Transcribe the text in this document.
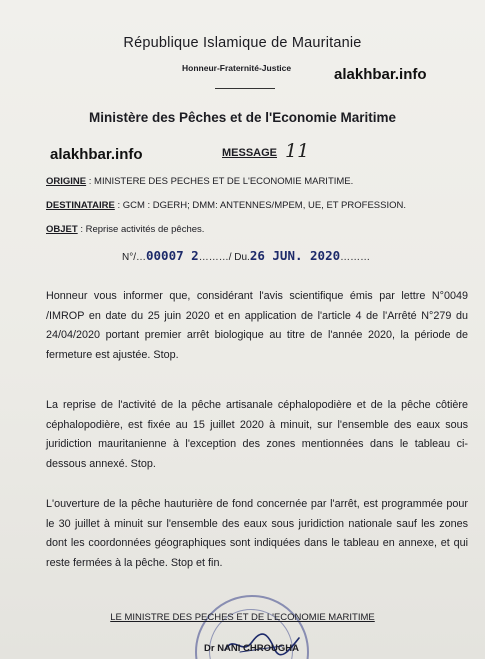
République Islamique de Mauritanie
Honneur-Fraternité-Justice	alakhbar.info
Ministère des Pêches et de l'Economie Maritime
alakhbar.info	MESSAGE 11
ORIGINE : MINISTERE DES PECHES ET DE L'ECONOMIE MARITIME.
DESTINATAIRE : GCM : DGERH; DMM: ANTENNES/MPEM, UE, ET PROFESSION.
OBJET : Reprise activités de pêches.
N°/…00007 2………/ Du.26 JUN. 2020………
Honneur vous informer que, considérant l'avis scientifique émis par lettre N°0049 /IMROP en date du 25 juin 2020 et en application de l'article 4 de l'Arrêté N°279 du 24/04/2020 portant premier arrêt biologique au titre de l'année 2020, la période de fermeture est ajustée. Stop.
La reprise de l'activité de la pêche artisanale céphalopodière et de la pêche côtière céphalopodière, est fixée au 15 juillet 2020 à minuit, sur l'ensemble des eaux sous juridiction mauritanienne à l'exception des zones mentionnées dans le tableau ci-dessous annexé. Stop.
L'ouverture de la pêche hauturière de fond concernée par l'arrêt, est programmée pour le 30 juillet à minuit sur l'ensemble des eaux sous juridiction nationale sauf les zones dont les coordonnées géographiques sont indiquées dans le tableau en annexe, et qui reste fermées à la pêche. Stop et fin.
LE MINISTRE DES PECHES ET DE L'ECONOMIE MARITIME
Dr NANI CHROUGHA
